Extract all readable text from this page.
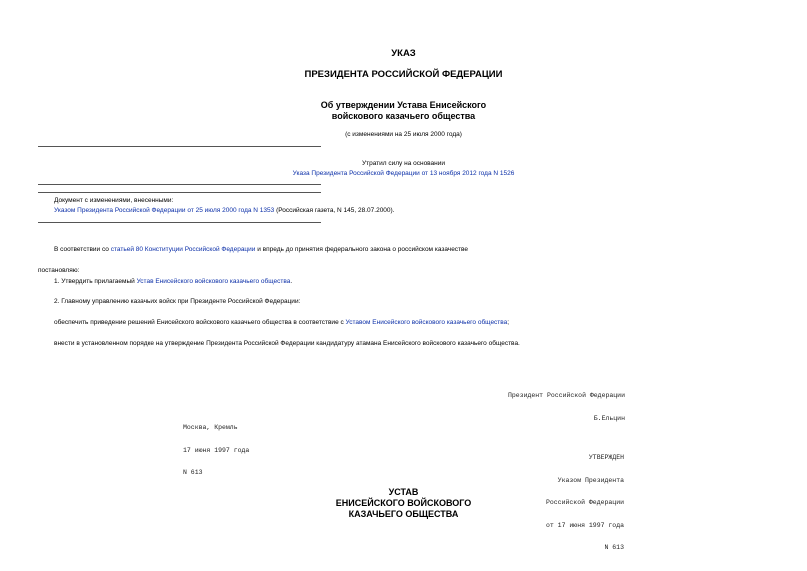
УКАЗ
ПРЕЗИДЕНТА РОССИЙСКОЙ ФЕДЕРАЦИИ
Об утверждении Устава Енисейского
войскового казачьего общества
(с изменениями на 25 июля 2000 года)
Утратил силу на основании
Указа Президента Российской Федерации от 13 ноября 2012 года N 1526
Документ с изменениями, внесенными:
Указом Президента Российской Федерации от 25 июля 2000 года N 1353 (Российская газета, N 145, 28.07.2000).
В соответствии со статьей 80 Конституции Российской Федерации и впредь до принятия федерального закона о российском казачестве
постановляю:
1. Утвердить прилагаемый Устав Енисейского войскового казачьего общества.
2. Главному управлению казачьих войск при Президенте Российской Федерации:
обеспечить приведение решений Енисейского войскового казачьего общества в соответствие с Уставом Енисейского войскового казачьего общества;
внести в установленном порядке на утверждение Президента Российской Федерации кандидатуру атамана Енисейского войскового казачьего общества.

Президент Российской Федерации

Б.Ельцин

Москва, Кремль

17 июня 1997 года

N 613

УТВЕРЖДЕН

Указом Президента

Российской Федерации

от 17 июня 1997 года

N 613

УСТАВ
ЕНИСЕЙСКОГО ВОЙСКОВОГО
КАЗАЧЬЕГО ОБЩЕСТВА
